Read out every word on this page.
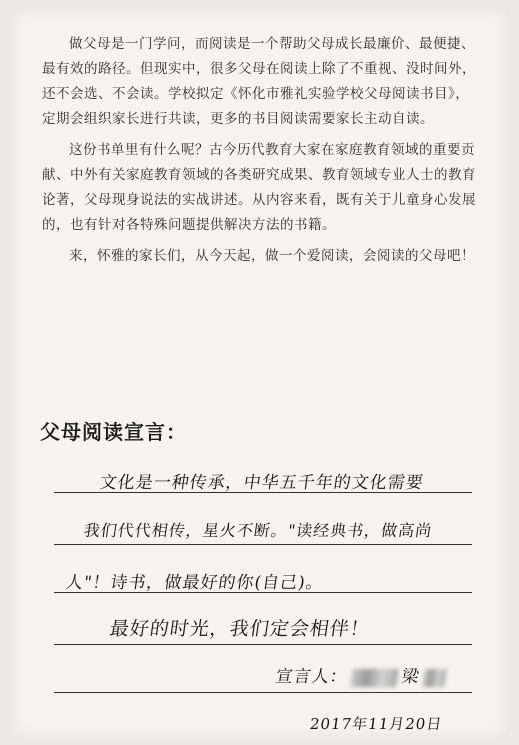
做父母是一门学问，而阅读是一个帮助父母成长最廉价、最便捷、最有效的路径。但现实中，很多父母在阅读上除了不重视、没时间外，还不会选、不会读。学校拟定《怀化市雅礼实验学校父母阅读书目》，定期会组织家长进行共读，更多的书目阅读需要家长主动自读。

这份书单里有什么呢？古今历代教育大家在家庭教育领域的重要贡献、中外有关家庭教育领域的各类研究成果、教育领域专业人士的教育论著，父母现身说法的实战讲述。从内容来看，既有关于儿童身心发展的，也有针对各特殊问题提供解决方法的书籍。

来，怀雅的家长们，从今天起，做一个爱阅读，会阅读的父母吧！

父母阅读宣言：
文化是一种传承，中华五千年的文化需要
我们代代相传，星火不断。"读经典书，做高尚
人"！诗书，做最好的你(自己)。
最好的时光，我们定会相伴！
宣言人：	梁
2017年11月20日
